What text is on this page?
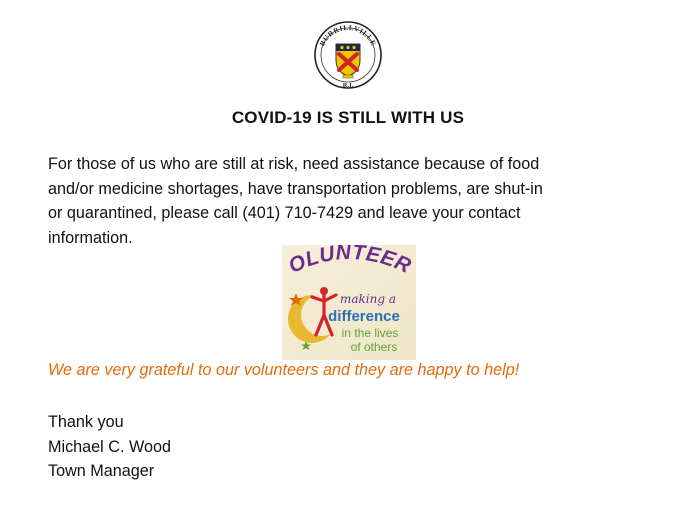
BURRILLVILLE
R.I.
COVID-19 IS STILL WITH US
For those of us who are still at risk, need assistance because of food
and/or medicine shortages, have transportation problems, are shut-in
or quarantined, please call (401) 710-7429 and leave your contact
information.
OLUNTEER
making a
difference
in the lives
of others
We are very grateful to our volunteers and they are happy to help!
Thank you
Michael C. Wood
Town Manager
